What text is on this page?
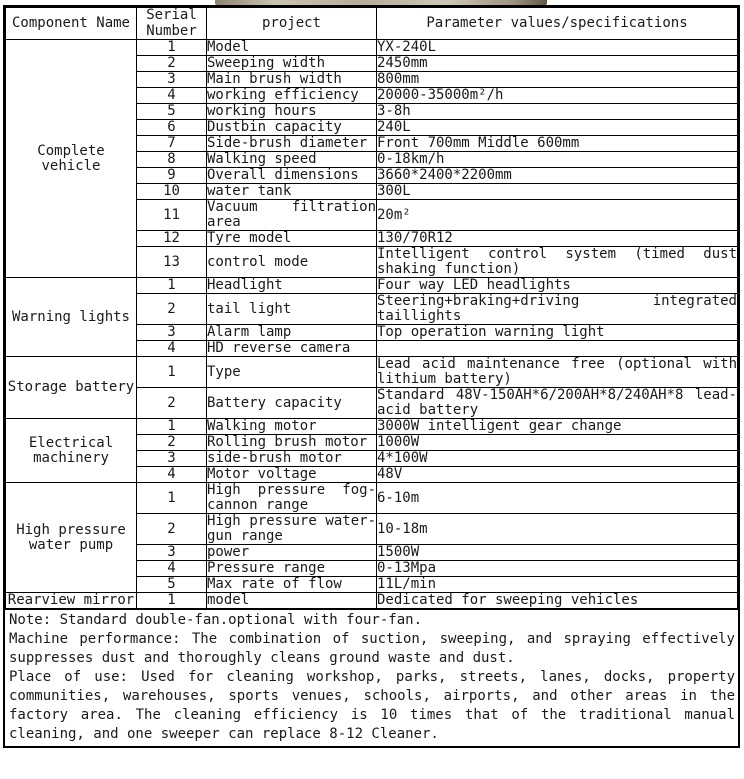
Component Name	Serial Number	project	Parameter values/specifications
Complete vehicle	1	Model	YX-240L
	2	Sweeping width	2450mm
	3	Main brush width	800mm
	4	working efficiency	20000-35000m²/h
	5	working hours	3-8h
	6	Dustbin capacity	240L
	7	Side-brush diameter	Front 700mm Middle 600mm
	8	Walking speed	0-18km/h
	9	Overall dimensions	3660*2400*2200mm
	10	water tank	300L
	11	Vacuum filtration area	20m²
	12	Tyre model	130/70R12
	13	control mode	Intelligent control system (timed dust shaking function)
Warning lights	1	Headlight	Four way LED headlights
	2	tail light	Steering+braking+driving integrated taillights
	3	Alarm lamp	Top operation warning light
	4	HD reverse camera	
Storage battery	1	Type	Lead acid maintenance free (optional with lithium battery)
	2	Battery capacity	Standard 48V-150AH*6/200AH*8/240AH*8 lead-acid battery
Electrical machinery	1	Walking motor	3000W intelligent gear change
	2	Rolling brush motor	1000W
	3	side-brush motor	4*100W
	4	Motor voltage	48V
High pressure water pump	1	High pressure fog-cannon range	6-10m
	2	High pressure water-gun range	10-18m
	3	power	1500W
	4	Pressure range	0-13Mpa
	5	Max rate of flow	11L/min
Rearview mirror	1	model	Dedicated for sweeping vehicles

Note: Standard double-fan.optional with four-fan.

Machine performance: The combination of suction, sweeping, and spraying effectively suppresses dust and thoroughly cleans ground waste and dust.

Place of use: Used for cleaning workshop, parks, streets, lanes, docks, property communities, warehouses, sports venues, schools, airports, and other areas in the factory area. The cleaning efficiency is 10 times that of the traditional manual cleaning, and one sweeper can replace 8-12 Cleaner.
